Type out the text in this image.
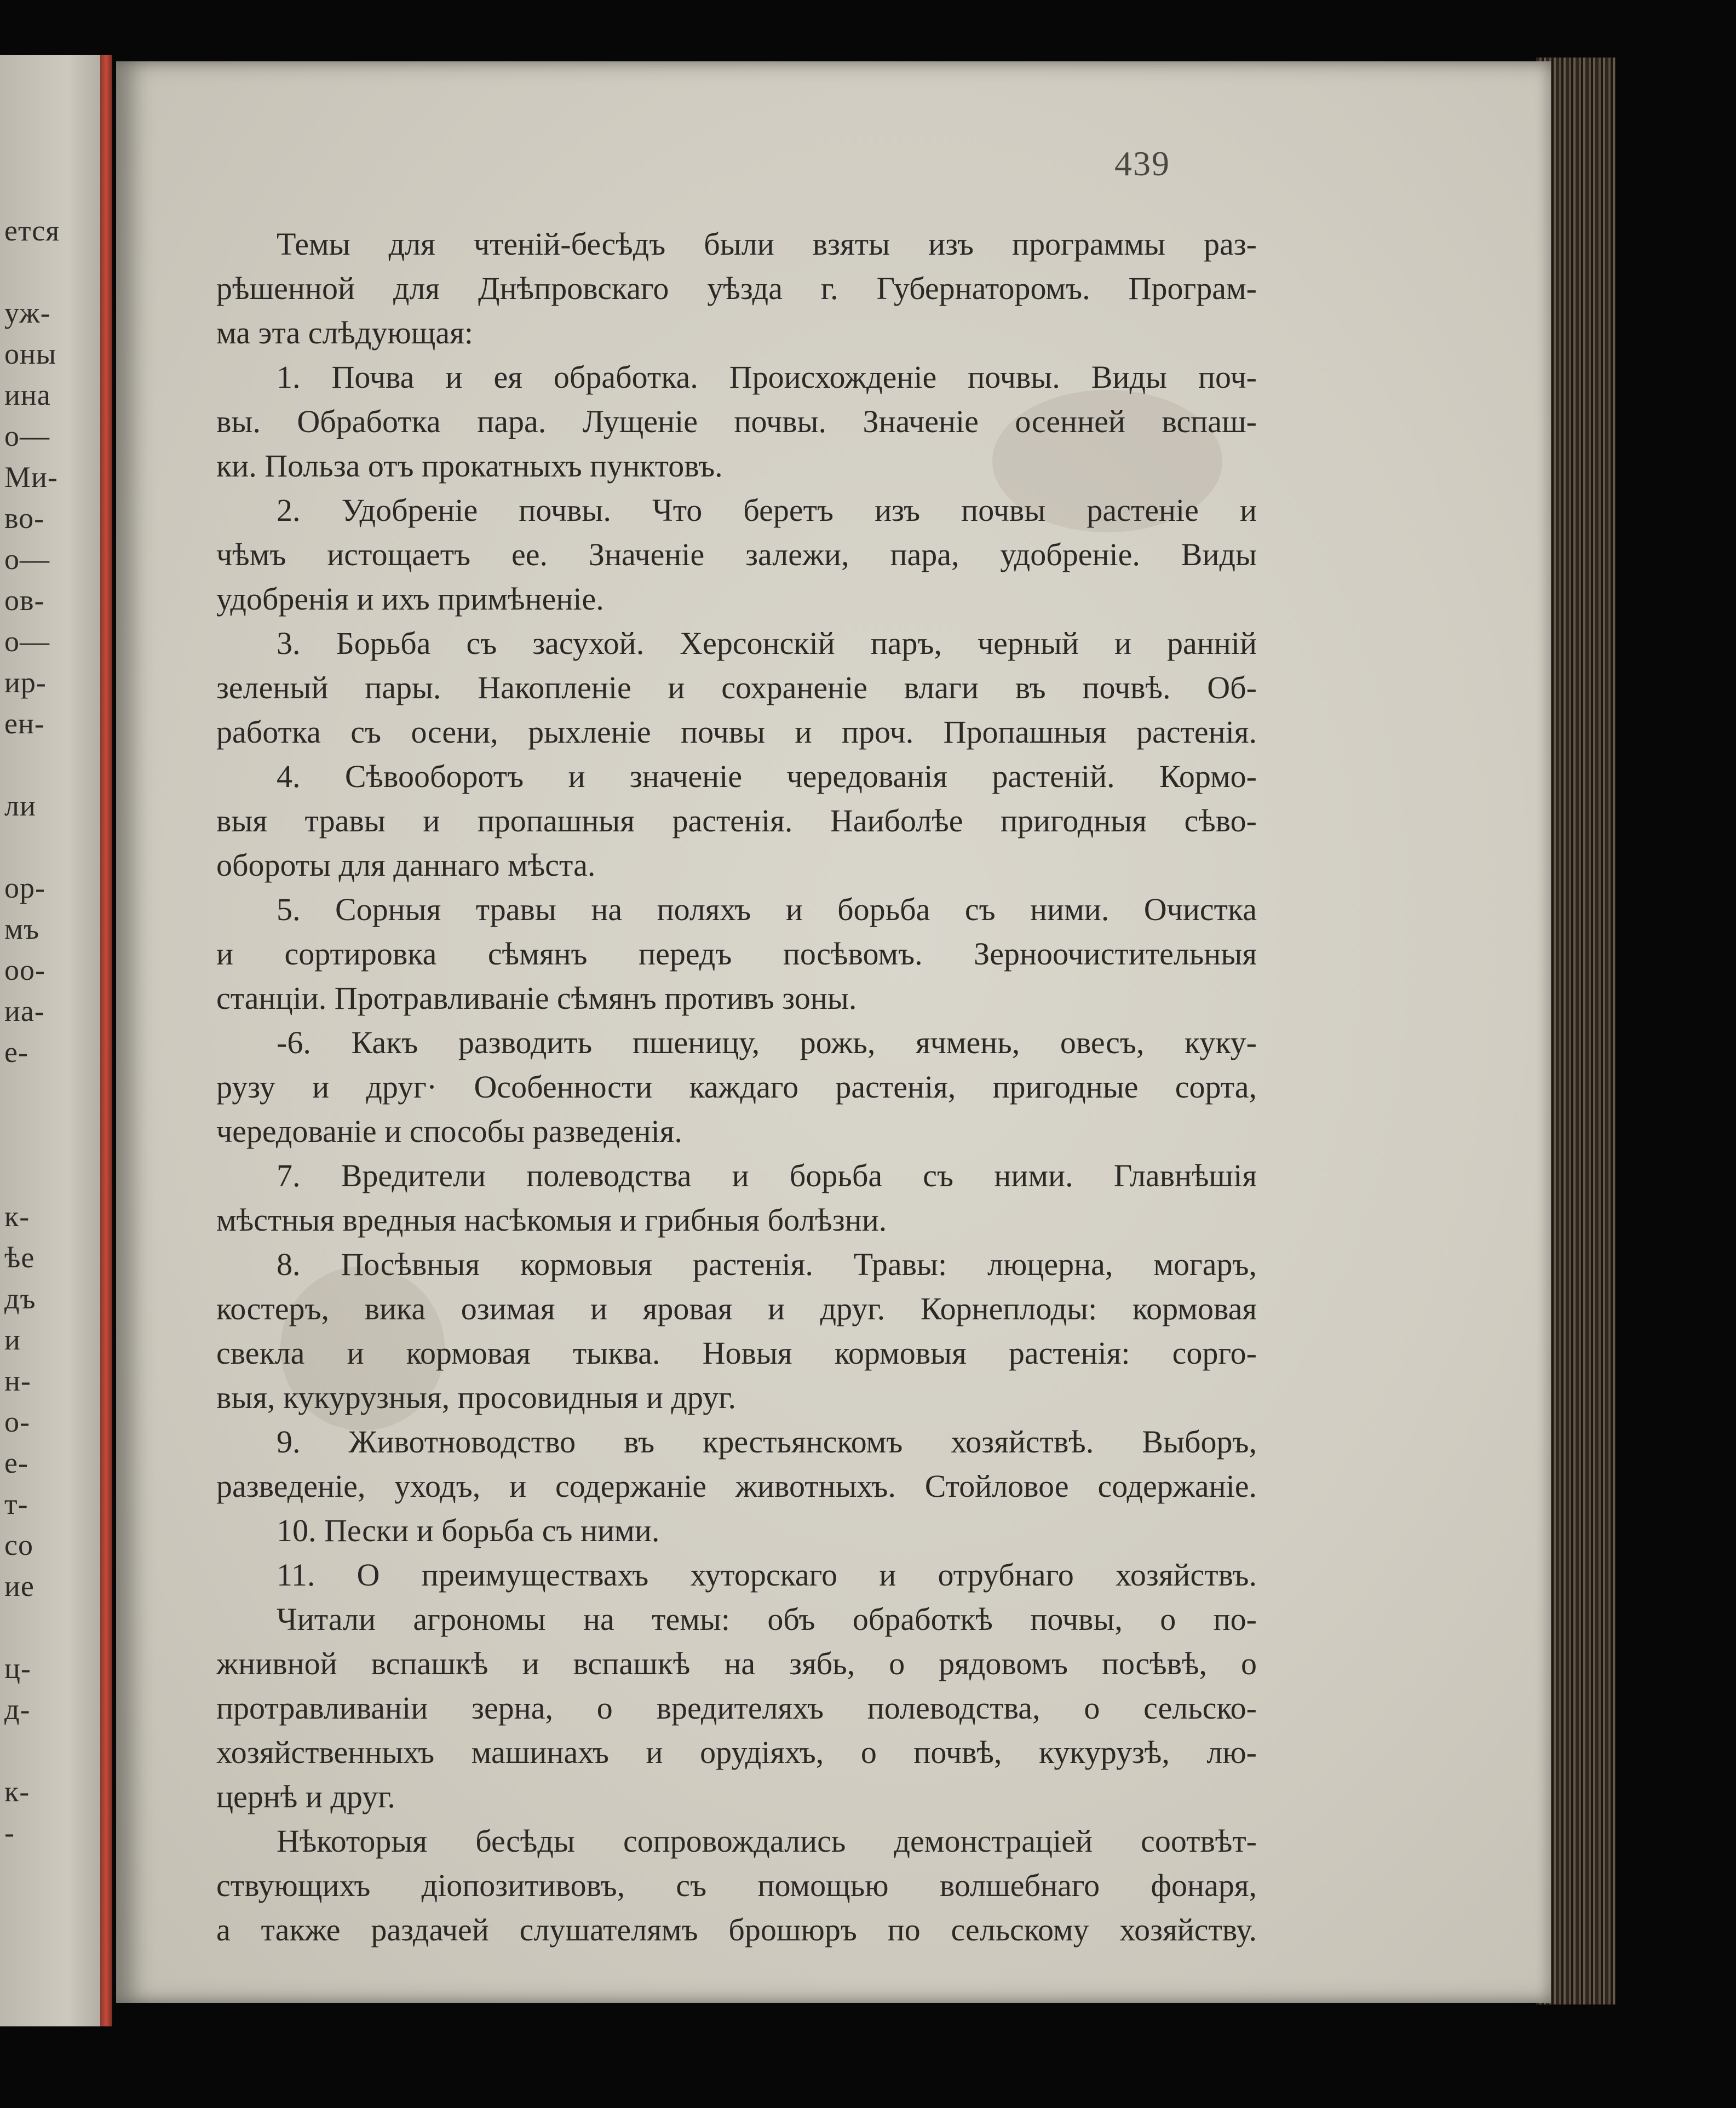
ется
уж-
оны
ина
о—
Ми-
во-
о—
ов-
о—
ир-
ен-
ли
ор-
мъ
оо-
иа-
е-
к-
ѣе
дъ
и
н-
о-
е-
т-
со
ие
ц-
д-
к-
-
439
Темы для чтеній-бесѣдъ были взяты изъ программы раз-
рѣшенной для Днѣпровскаго уѣзда г. Губернаторомъ. Програм-
ма эта слѣдующая:
1. Почва и ея обработка. Происхожденіе почвы. Виды поч-
вы. Обработка пара. Лущеніе почвы. Значеніе осенней вспаш-
ки. Польза отъ прокатныхъ пунктовъ.
2. Удобреніе почвы. Что беретъ изъ почвы растеніе и
чѣмъ истощаетъ ее. Значеніе залежи, пара, удобреніе. Виды
удобренія и ихъ примѣненіе.
3. Борьба съ засухой. Херсонскій паръ, черный и ранній
зеленый пары. Накопленіе и сохраненіе влаги въ почвѣ. Об-
работка съ осени, рыхленіе почвы и проч. Пропашныя растенія.
4. Сѣвооборотъ и значеніе чередованія растеній. Кормо-
выя травы и пропашныя растенія. Наиболѣе пригодныя сѣво-
обороты для даннаго мѣста.
5. Сорныя травы на поляхъ и борьба съ ними. Очистка
и сортировка сѣмянъ передъ посѣвомъ. Зерноочистительныя
станціи. Протравливаніе сѣмянъ противъ зоны.
-6. Какъ разводить пшеницу, рожь, ячмень, овесъ, куку-
рузу и друг· Особенности каждаго растенія, пригодные сорта,
чередованіе и способы разведенія.
7. Вредители полеводства и борьба съ ними. Главнѣшія
мѣстныя вредныя насѣкомыя и грибныя болѣзни.
8. Посѣвныя кормовыя растенія. Травы: люцерна, могаръ,
костеръ, вика озимая и яровая и друг. Корнеплоды: кормовая
свекла и кормовая тыква. Новыя кормовыя растенія: сорго-
выя, кукурузныя, просовидныя и друг.
9. Животноводство въ крестьянскомъ хозяйствѣ. Выборъ,
разведеніе, уходъ, и содержаніе животныхъ. Стойловое содержаніе.
10. Пески и борьба съ ними.
11. О преимуществахъ хуторскаго и отрубнаго хозяйствъ.
Читали агрономы на темы: объ обработкѣ почвы, о по-
жнивной вспашкѣ и вспашкѣ на зябь, о рядовомъ посѣвѣ, о
протравливаніи зерна, о вредителяхъ полеводства, о сельско-
хозяйственныхъ машинахъ и орудіяхъ, о почвѣ, кукурузѣ, лю-
цернѣ и друг.
Нѣкоторыя бесѣды сопровождались демонстраціей соотвѣт-
ствующихъ діопозитивовъ, съ помощью волшебнаго фонаря,
а также раздачей слушателямъ брошюръ по сельскому хозяйству.
